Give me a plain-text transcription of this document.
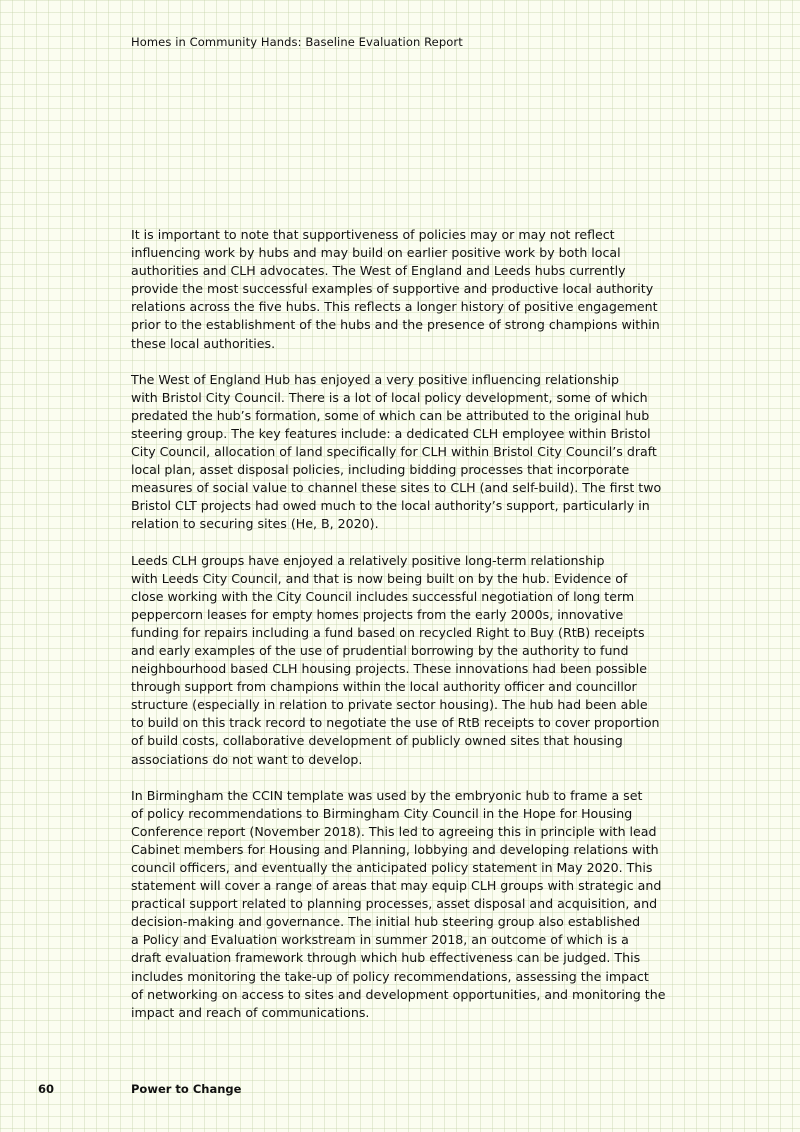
Homes in Community Hands: Baseline Evaluation Report

It is important to note that supportiveness of policies may or may not reflect
influencing work by hubs and may build on earlier positive work by both local
authorities and CLH advocates. The West of England and Leeds hubs currently
provide the most successful examples of supportive and productive local authority
relations across the five hubs. This reflects a longer history of positive engagement
prior to the establishment of the hubs and the presence of strong champions within
these local authorities.

The West of England Hub has enjoyed a very positive influencing relationship
with Bristol City Council. There is a lot of local policy development, some of which
predated the hub’s formation, some of which can be attributed to the original hub
steering group. The key features include: a dedicated CLH employee within Bristol
City Council, allocation of land specifically for CLH within Bristol City Council’s draft
local plan, asset disposal policies, including bidding processes that incorporate
measures of social value to channel these sites to CLH (and self-build). The first two
Bristol CLT projects had owed much to the local authority’s support, particularly in
relation to securing sites (He, B, 2020).

Leeds CLH groups have enjoyed a relatively positive long-term relationship
with Leeds City Council, and that is now being built on by the hub. Evidence of
close working with the City Council includes successful negotiation of long term
peppercorn leases for empty homes projects from the early 2000s, innovative
funding for repairs including a fund based on recycled Right to Buy (RtB) receipts
and early examples of the use of prudential borrowing by the authority to fund
neighbourhood based CLH housing projects. These innovations had been possible
through support from champions within the local authority officer and councillor
structure (especially in relation to private sector housing). The hub had been able
to build on this track record to negotiate the use of RtB receipts to cover proportion
of build costs, collaborative development of publicly owned sites that housing
associations do not want to develop.

In Birmingham the CCIN template was used by the embryonic hub to frame a set
of policy recommendations to Birmingham City Council in the Hope for Housing
Conference report (November 2018). This led to agreeing this in principle with lead
Cabinet members for Housing and Planning, lobbying and developing relations with
council officers, and eventually the anticipated policy statement in May 2020. This
statement will cover a range of areas that may equip CLH groups with strategic and
practical support related to planning processes, asset disposal and acquisition, and
decision-making and governance. The initial hub steering group also established
a Policy and Evaluation workstream in summer 2018, an outcome of which is a
draft evaluation framework through which hub effectiveness can be judged. This
includes monitoring the take-up of policy recommendations, assessing the impact
of networking on access to sites and development opportunities, and monitoring the
impact and reach of communications.

60	Power to Change
